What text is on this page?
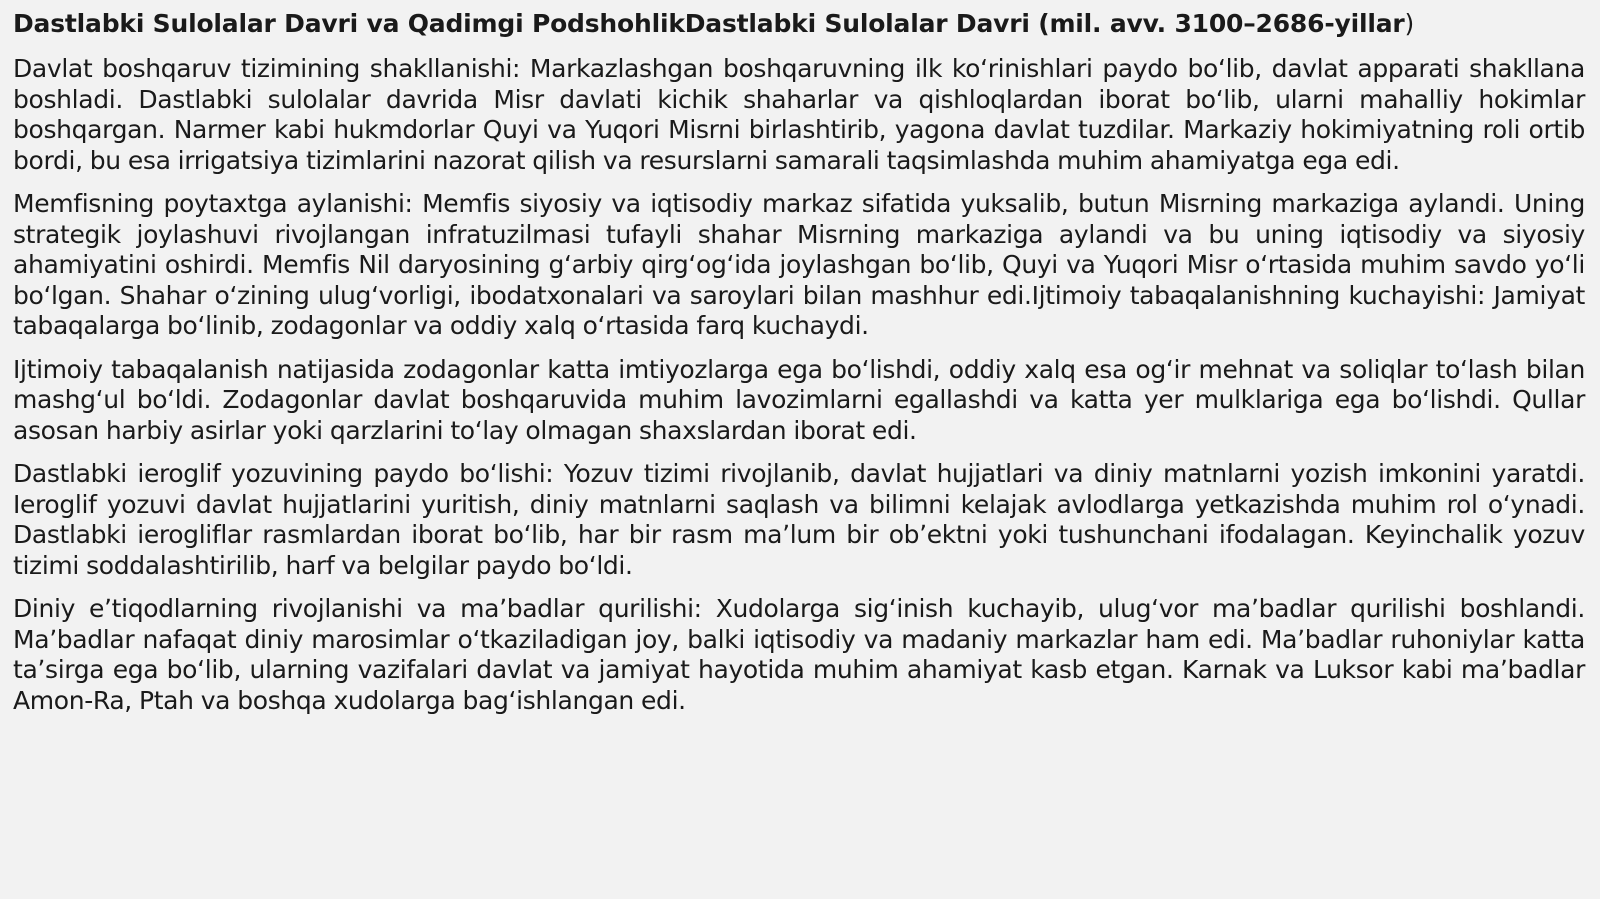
Dastlabki Sulolalar Davri va Qadimgi PodshohlikDastlabki Sulolalar Davri (mil. avv. 3100–2686-yillar)

Davlat boshqaruv tizimining shakllanishi: Markazlashgan boshqaruvning ilk koʻrinishlari paydo boʻlib, davlat apparati shakllana boshladi. Dastlabki sulolalar davrida Misr davlati kichik shaharlar va qishloqlardan iborat boʻlib, ularni mahalliy hokimlar boshqargan. Narmer kabi hukmdorlar Quyi va Yuqori Misrni birlashtirib, yagona davlat tuzdilar. Markaziy hokimiyatning roli ortib bordi, bu esa irrigatsiya tizimlarini nazorat qilish va resurslarni samarali taqsimlashda muhim ahamiyatga ega edi.

Memfisning poytaxtga aylanishi: Memfis siyosiy va iqtisodiy markaz sifatida yuksalib, butun Misrning markaziga aylandi. Uning strategik joylashuvi rivojlangan infratuzilmasi tufayli shahar Misrning markaziga aylandi va bu uning iqtisodiy va siyosiy ahamiyatini oshirdi. Memfis Nil daryosining gʻarbiy qirgʻogʻida joylashgan boʻlib, Quyi va Yuqori Misr oʻrtasida muhim savdo yoʻli boʻlgan. Shahar oʻzining ulugʻvorligi, ibodatxonalari va saroylari bilan mashhur edi.Ijtimoiy tabaqalanishning kuchayishi: Jamiyat tabaqalarga boʻlinib, zodagonlar va oddiy xalq oʻrtasida farq kuchaydi.

Ijtimoiy tabaqalanish natijasida zodagonlar katta imtiyozlarga ega boʻlishdi, oddiy xalq esa ogʻir mehnat va soliqlar toʻlash bilan mashgʻul boʻldi. Zodagonlar davlat boshqaruvida muhim lavozimlarni egallashdi va katta yer mulklariga ega boʻlishdi. Qullar asosan harbiy asirlar yoki qarzlarini toʻlay olmagan shaxslardan iborat edi.

Dastlabki ieroglif yozuvining paydo boʻlishi: Yozuv tizimi rivojlanib, davlat hujjatlari va diniy matnlarni yozish imkonini yaratdi. Ieroglif yozuvi davlat hujjatlarini yuritish, diniy matnlarni saqlash va bilimni kelajak avlodlarga yetkazishda muhim rol oʻynadi. Dastlabki ierogliflar rasmlardan iborat boʻlib, har bir rasm maʼlum bir obʼektni yoki tushunchani ifodalagan. Keyinchalik yozuv tizimi soddalashtirilib, harf va belgilar paydo boʻldi.

Diniy eʼtiqodlarning rivojlanishi va maʼbadlar qurilishi: Xudolarga sigʻinish kuchayib, ulugʻvor maʼbadlar qurilishi boshlandi. Maʼbadlar nafaqat diniy marosimlar oʻtkaziladigan joy, balki iqtisodiy va madaniy markazlar ham edi. Maʼbadlar ruhoniylar katta taʼsirga ega boʻlib, ularning vazifalari davlat va jamiyat hayotida muhim ahamiyat kasb etgan. Karnak va Luksor kabi maʼbadlar Amon-Ra, Ptah va boshqa xudolarga bagʻishlangan edi.
